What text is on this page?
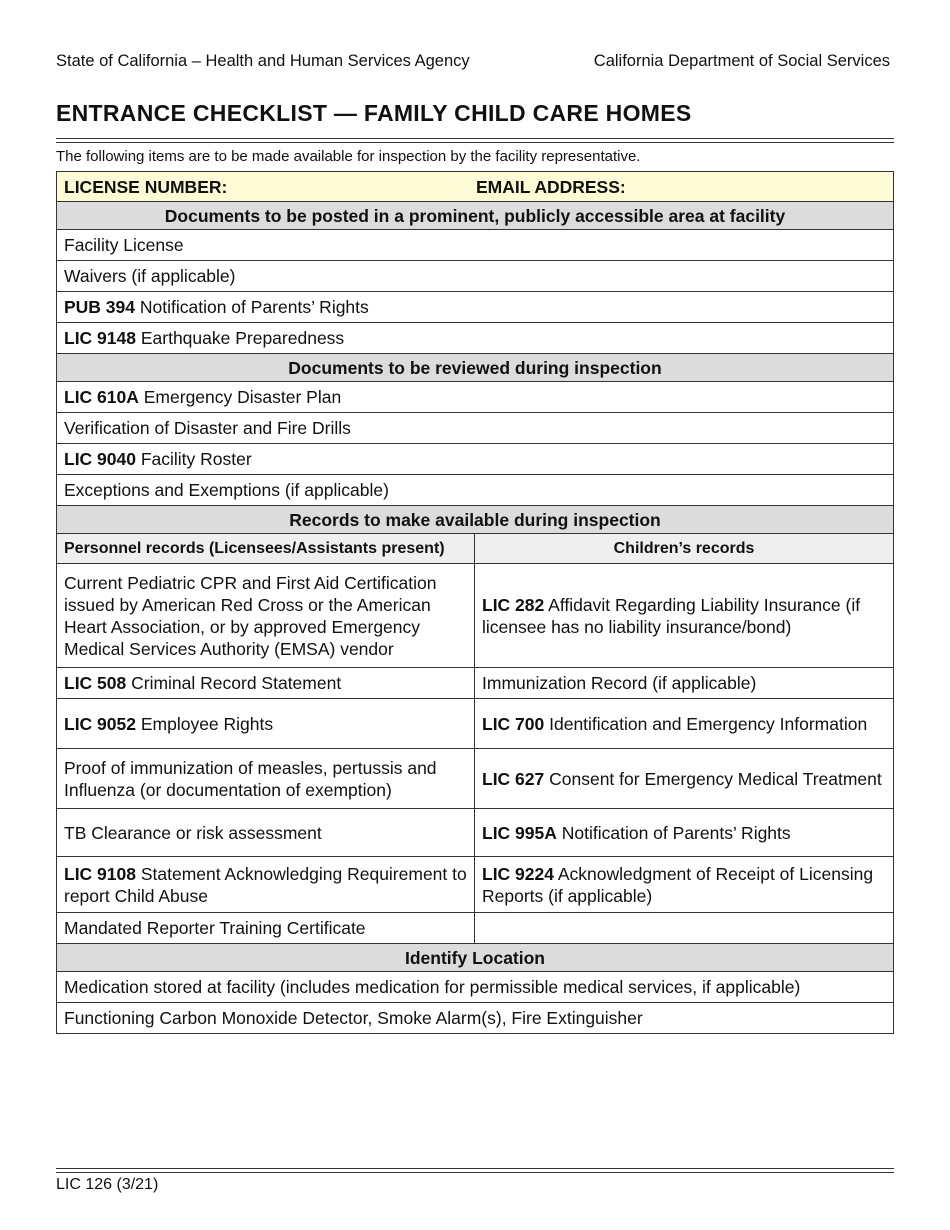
State of California – Health and Human Services Agency	California Department of Social Services
ENTRANCE CHECKLIST — FAMILY CHILD CARE HOMES
The following items are to be made available for inspection by the facility representative.
LICENSE NUMBER: EMAIL ADDRESS:	
Documents to be posted in a prominent, publicly accessible area at facility	
Facility License	
Waivers (if applicable)	
PUB 394 Notification of Parents’ Rights	
LIC 9148 Earthquake Preparedness	
Documents to be reviewed during inspection	
LIC 610A Emergency Disaster Plan	
Verification of Disaster and Fire Drills	
LIC 9040 Facility Roster	
Exceptions and Exemptions (if applicable)	
Records to make available during inspection	
Personnel records (Licensees/Assistants present)	Children’s records
Current Pediatric CPR and First Aid Certification issued by American Red Cross or the American Heart Association, or by approved Emergency Medical Services Authority (EMSA) vendor	LIC 282 Affidavit Regarding Liability Insurance (if licensee has no liability insurance/bond)
LIC 508 Criminal Record Statement	Immunization Record (if applicable)
LIC 9052 Employee Rights	LIC 700 Identification and Emergency Information
Proof of immunization of measles, pertussis and Influenza (or documentation of exemption)	LIC 627 Consent for Emergency Medical Treatment
TB Clearance or risk assessment	LIC 995A Notification of Parents’ Rights
LIC 9108 Statement Acknowledging Requirement to report Child Abuse	LIC 9224 Acknowledgment of Receipt of Licensing Reports (if applicable)
Mandated Reporter Training Certificate	
Identify Location	
Medication stored at facility (includes medication for permissible medical services, if applicable)	
Functioning Carbon Monoxide Detector, Smoke Alarm(s), Fire Extinguisher	
LIC 126 (3/21)
